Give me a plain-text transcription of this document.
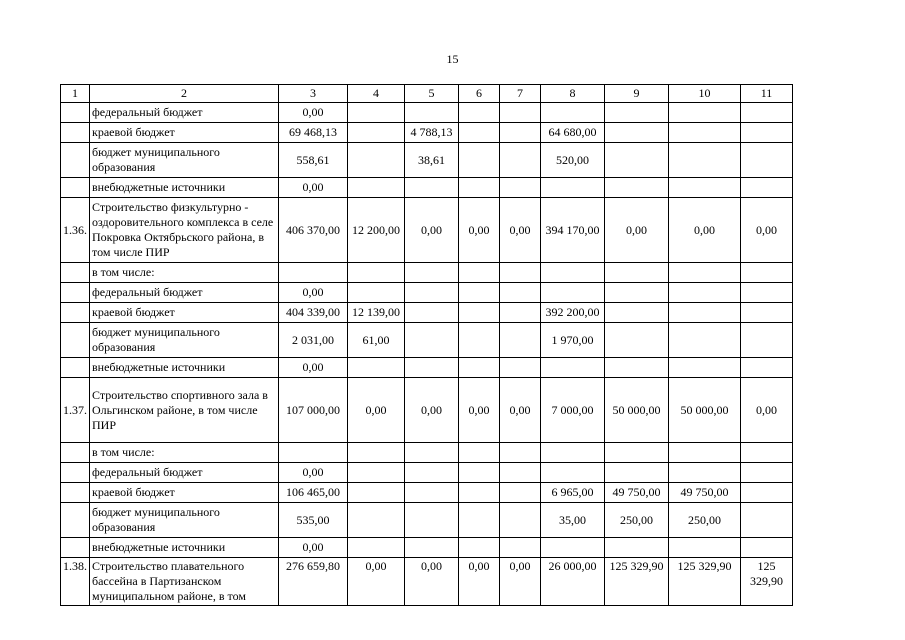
15
1	2	3	4	5	6	7	8	9	10	11
	федеральный бюджет	0,00								
	краевой бюджет	69 468,13		4 788,13			64 680,00			
	бюджет муниципального образования	558,61		38,61			520,00			
	внебюджетные источники	0,00								
1.36.	Строительство физкультурно - оздоровительного комплекса в селе Покровка Октябрьского района, в том числе ПИР	406 370,00	12 200,00	0,00	0,00	0,00	394 170,00	0,00	0,00	0,00
	в том числе:									
	федеральный бюджет	0,00								
	краевой бюджет	404 339,00	12 139,00				392 200,00			
	бюджет муниципального образования	2 031,00	61,00				1 970,00			
	внебюджетные источники	0,00								
1.37.	Строительство спортивного зала в Ольгинском районе, в том числе ПИР	107 000,00	0,00	0,00	0,00	0,00	7 000,00	50 000,00	50 000,00	0,00
	в том числе:									
	федеральный бюджет	0,00								
	краевой бюджет	106 465,00					6 965,00	49 750,00	49 750,00	
	бюджет муниципального образования	535,00					35,00	250,00	250,00	
	внебюджетные источники	0,00								
1.38.	Строительство плавательного бассейна в Партизанском муниципальном районе, в том	276 659,80	0,00	0,00	0,00	0,00	26 000,00	125 329,90	125 329,90	125 329,90
